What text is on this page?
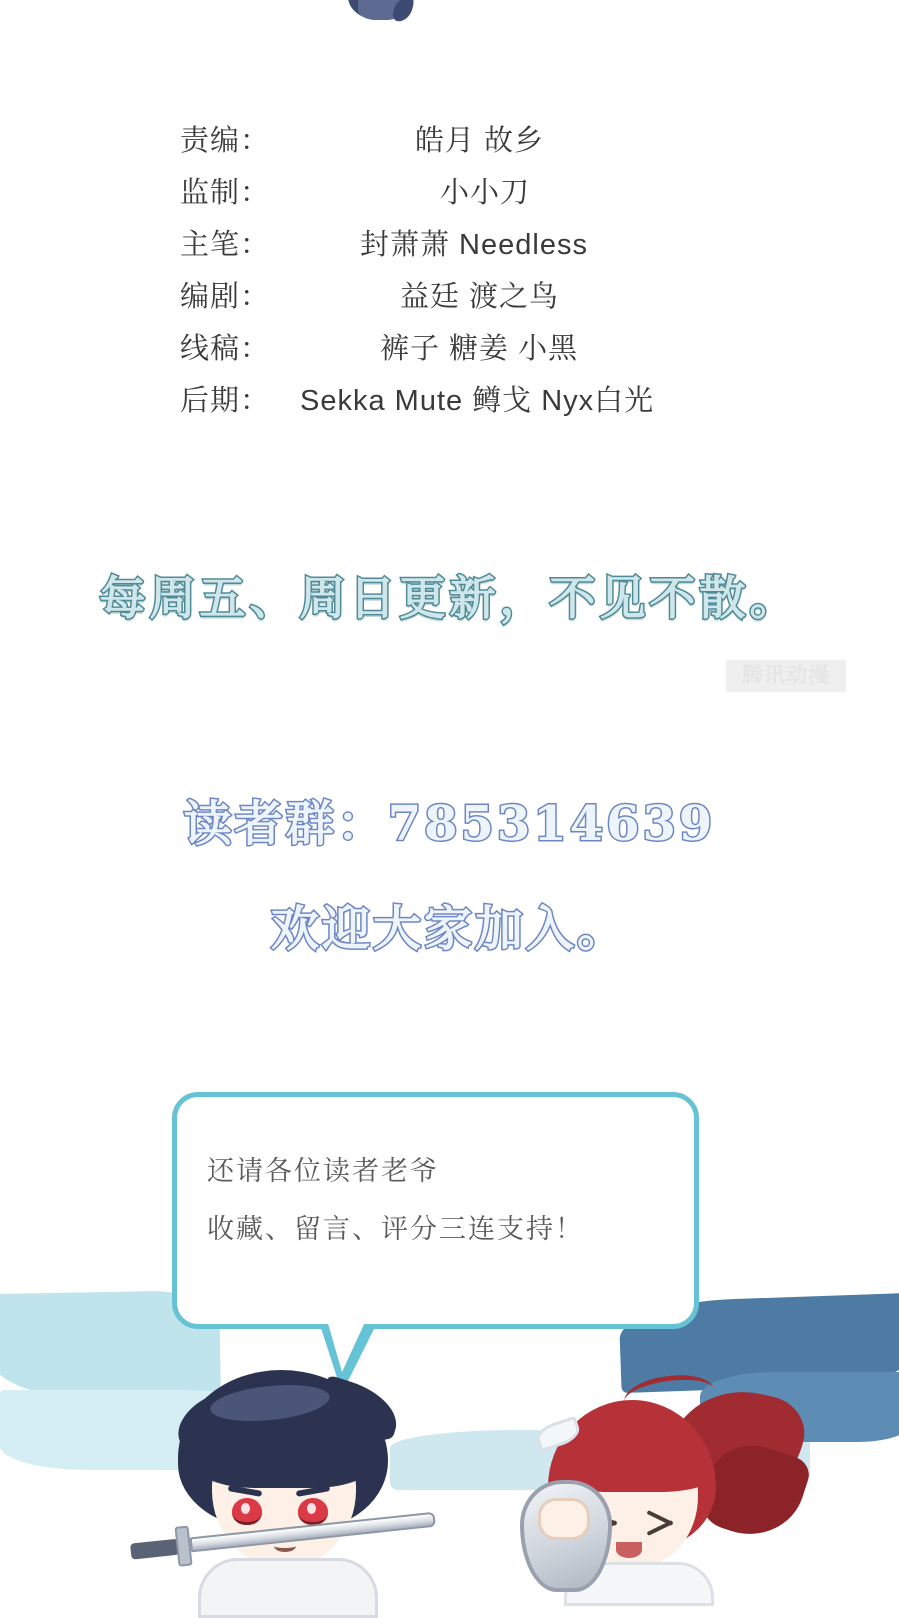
责编：	皓月 故乡
监制：	小小刀
主笔：	封萧萧 Needless
编剧：	益廷 渡之鸟
线稿：	裤子 糖姜 小黑
后期：	Sekka Mute 鳟戈 Nyx白光
每周五、周日更新，不见不散。
腾讯动漫
读者群：785314639
欢迎大家加入。
还请各位读者老爷
收藏、留言、评分三连支持！
